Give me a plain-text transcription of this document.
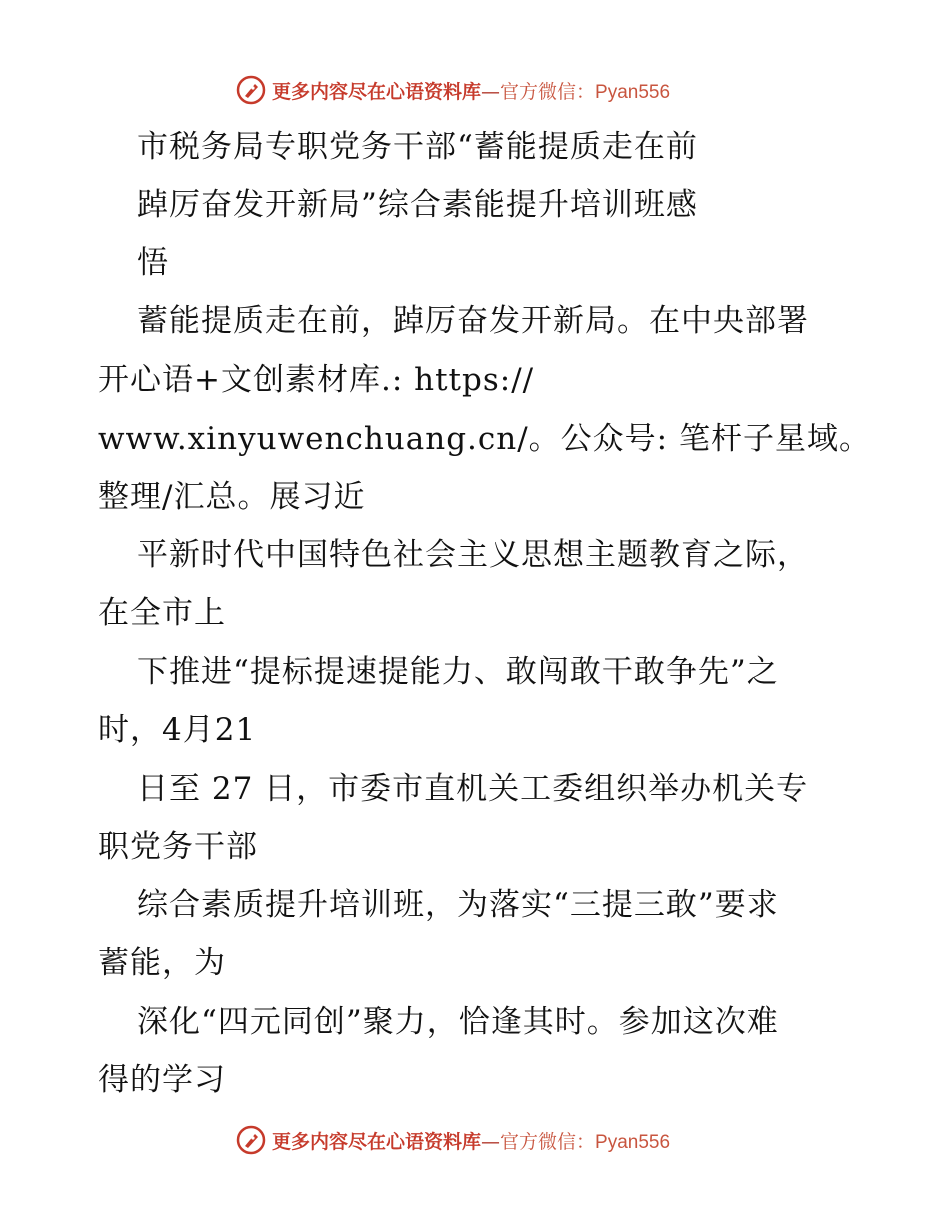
更多内容尽在心语资料库—官方微信：Pyan556
市税务局专职党务干部“蓄能提质走在前
踔厉奋发开新局”综合素能提升培训班感
悟
蓄能提质走在前，踔厉奋发开新局。在中央部署
开心语+文创素材库.: https://
www.xinyuwenchuang.cn/。公众号: 笔杆子星域。
整理/汇总。展习近
平新时代中国特色社会主义思想主题教育之际，
在全市上
下推进“提标提速提能力、敢闯敢干敢争先”之
时，4月21
日至 27 日，市委市直机关工委组织举办机关专
职党务干部
综合素质提升培训班，为落实“三提三敢”要求
蓄能，为
深化“四元同创”聚力，恰逢其时。参加这次难
得的学习
更多内容尽在心语资料库—官方微信：Pyan556
